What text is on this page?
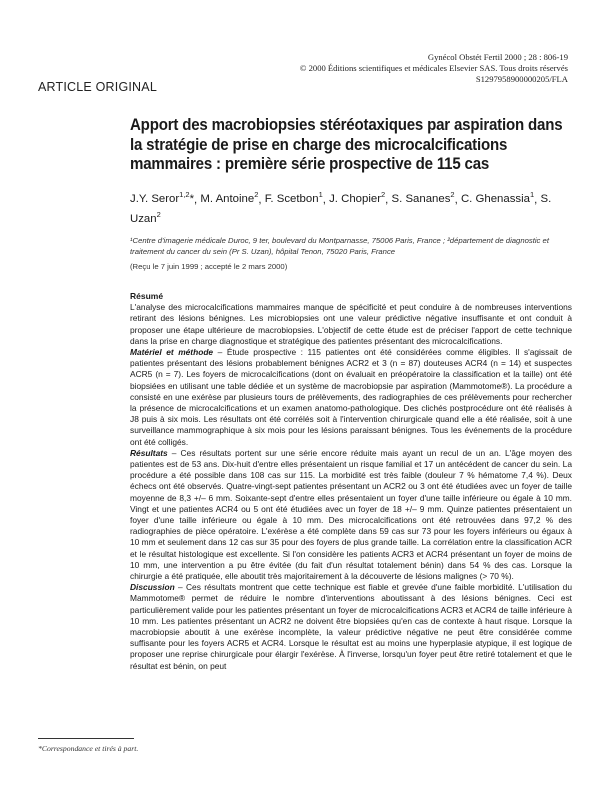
Gynécol Obstét Fertil 2000 ; 28 : 806-19
© 2000 Éditions scientifiques et médicales Elsevier SAS. Tous droits réservés
S1297958900000205/FLA
ARTICLE ORIGINAL
Apport des macrobiopsies stéréotaxiques par aspiration dans la stratégie de prise en charge des microcalcifications mammaires : première série prospective de 115 cas
J.Y. Seror$^{1,2}$*, M. Antoine$^2$, F. Scetbon$^1$, J. Chopier$^2$, S. Sananes$^2$, C. Ghenassia$^1$, S. Uzan$^2$
¹Centre d'imagerie médicale Duroc, 9 ter, boulevard du Montparnasse, 75006 Paris, France ; ²département de diagnostic et traitement du cancer du sein (Pr S. Uzan), hôpital Tenon, 75020 Paris, France
(Reçu le 7 juin 1999 ; accepté le 2 mars 2000)
Résumé

L'analyse des microcalcifications mammaires manque de spécificité et peut conduire à de nombreuses interventions retirant des lésions bénignes. Les microbiopsies ont une valeur prédictive négative insuffisante et ont conduit à proposer une étape ultérieure de macrobiopsies. L'objectif de cette étude est de préciser l'apport de cette technique dans la prise en charge diagnostique et stratégique des patientes présentant des microcalcifications.

Matériel et méthode – Étude prospective : 115 patientes ont été considérées comme éligibles. Il s'agissait de patientes présentant des lésions probablement bénignes ACR2 et 3 (n = 87) douteuses ACR4 (n = 14) et suspectes ACR5 (n = 7). Les foyers de microcalcifications (dont on évaluait en préopératoire la classification et la taille) ont été biopsiées en utilisant une table dédiée et un système de macrobiopsie par aspiration (Mammotome®). La procédure a consisté en une exérèse par plusieurs tours de prélèvements, des radiographies de ces prélèvements pour rechercher la présence de microcalcifications et un examen anatomo-pathologique. Des clichés postprocédure ont été réalisés à J8 puis à six mois. Les résultats ont été corrélés soit à l'intervention chirurgicale quand elle a été réalisée, soit à une surveillance mammographique à six mois pour les lésions paraissant bénignes. Tous les événements de la procédure ont été colligés.

Résultats – Ces résultats portent sur une série encore réduite mais ayant un recul de un an. L'âge moyen des patientes est de 53 ans. Dix-huit d'entre elles présentaient un risque familial et 17 un antécédent de cancer du sein. La procédure a été possible dans 108 cas sur 115. La morbidité est très faible (douleur 7 % hématome 7,4 %). Deux échecs ont été observés. Quatre-vingt-sept patientes présentant un ACR2 ou 3 ont été étudiées avec un foyer de taille moyenne de 8,3 +/– 6 mm. Soixante-sept d'entre elles présentaient un foyer d'une taille inférieure ou égale à 10 mm. Vingt et une patientes ACR4 ou 5 ont été étudiées avec un foyer de 18 +/– 9 mm. Quinze patientes présentaient un foyer d'une taille inférieure ou égale à 10 mm. Des microcalcifications ont été retrouvées dans 97,2 % des radiographies de pièce opératoire. L'exérèse a été complète dans 59 cas sur 73 pour les foyers inférieurs ou égaux à 10 mm et seulement dans 12 cas sur 35 pour des foyers de plus grande taille. La corrélation entre la classification ACR et le résultat histologique est excellente. Si l'on considère les patients ACR3 et ACR4 présentant un foyer de moins de 10 mm, une intervention a pu être évitée (du fait d'un résultat totalement bénin) dans 54 % des cas. Lorsque la chirurgie a été pratiquée, elle aboutit très majoritairement à la découverte de lésions malignes (> 70 %).

Discussion – Ces résultats montrent que cette technique est fiable et grevée d'une faible morbidité. L'utilisation du Mammotome® permet de réduire le nombre d'interventions aboutissant à des lésions bénignes. Ceci est particulièrement valide pour les patientes présentant un foyer de microcalcifications ACR3 et ACR4 de taille inférieure à 10 mm. Les patientes présentant un ACR2 ne doivent être biopsiées qu'en cas de contexte à haut risque. Lorsque la macrobiopsie aboutit à une exérèse incomplète, la valeur prédictive négative ne peut être considérée comme suffisante pour les foyers ACR5 et ACR4. Lorsque le résultat est au moins une hyperplasie atypique, il est logique de proposer une reprise chirurgicale pour élargir l'exérèse. À l'inverse, lorsqu'un foyer peut être retiré totalement et que le résultat est bénin, on peut

*Correspondance et tirés à part.
